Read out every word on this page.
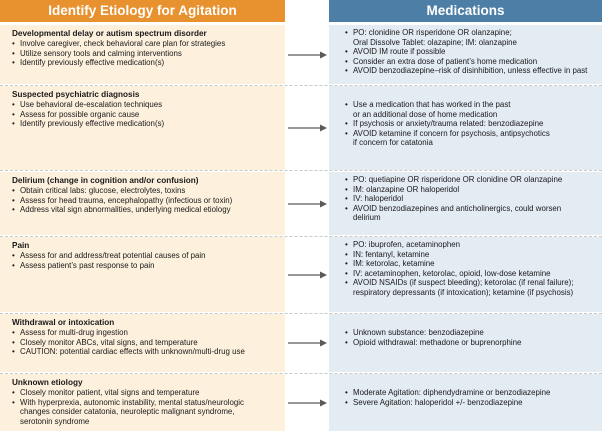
Identify Etiology for Agitation	Medications
Developmental delay or autism spectrum disorder
• Involve caregiver, check behavioral care plan for strategies
• Utilize sensory tools and calming interventions
• Identify previously effective medication(s)
• PO: clonidine OR risperidone OR olanzapine;
Oral Dissolve Tablet: olazapine; IM: olanzapine
• AVOID IM route if possible
• Consider an extra dose of patient’s home medication
• AVOID benzodiazepine–risk of disinhibition, unless effective in past
Suspected psychiatric diagnosis
• Use behavioral de-escalation techniques
• Assess for possible organic cause
• Identify previously effective medication(s)
• Use a medication that has worked in the past
or an additional dose of home medication
• If psychosis or anxiety/trauma related: benzodiazepine
• AVOID ketamine if concern for psychosis, antipsychotics
if concern for catatonia
Delirium (change in cognition and/or confusion)
• Obtain critical labs: glucose, electrolytes, toxins
• Assess for head trauma, encephalopathy (infectious or toxin)
• Address vital sign abnormalities, underlying medical etiology
• PO: quetiapine OR risperidone OR clonidine OR olanzapine
• IM: olanzapine OR haloperidol
• IV: haloperidol
• AVOID benzodiazepines and anticholinergics, could worsen
delirium
Pain
• Assess for and address/treat potential causes of pain
• Assess patient’s past response to pain
• PO: ibuprofen, acetaminophen
• IN: fentanyl, ketamine
• IM: ketorolac, ketamine
• IV: acetaminophen, ketorolac, opioid, low-dose ketamine
• AVOID NSAIDs (if suspect bleeding); ketorolac (if renal failure);
respiratory depressants (if intoxication); ketamine (if psychosis)
Withdrawal or intoxication
• Assess for multi-drug ingestion
• Closely monitor ABCs, vital signs, and temperature
• CAUTION: potential cardiac effects with unknown/multi-drug use
• Unknown substance: benzodiazepine
• Opioid withdrawal: methadone or buprenorphine
Unknown etiology
• Closely monitor patient, vital signs and temperature
• With hyperprexia, autonomic instability, mental status/neurologic
changes consider catatonia, neuroleptic malignant syndrome,
serotonin syndrome
• Moderate Agitation: diphendydramine or benzodiazepine
• Severe Agitation: haloperidol +/- benzodiazepine
